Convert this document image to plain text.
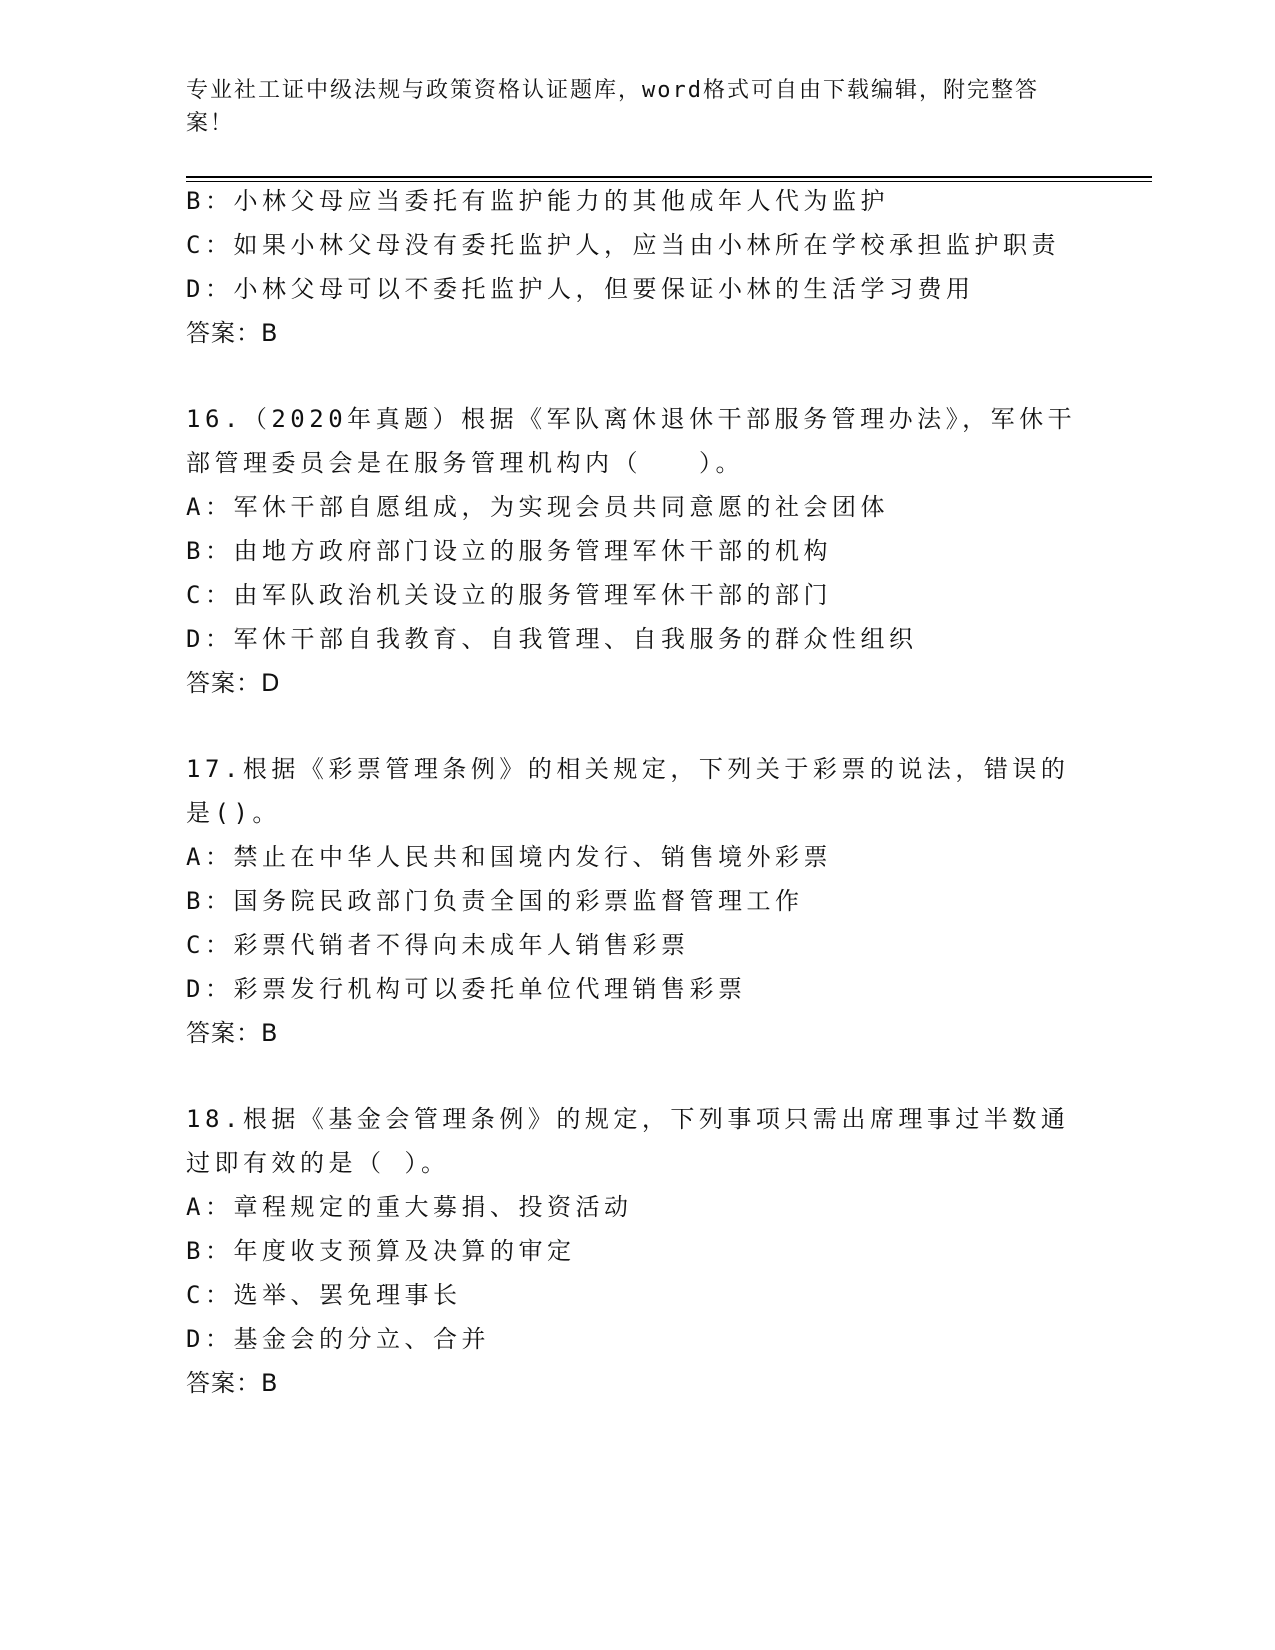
专业社工证中级法规与政策资格认证题库，word格式可自由下载编辑，附完整答案！
B：小林父母应当委托有监护能力的其他成年人代为监护
C：如果小林父母没有委托监护人，应当由小林所在学校承担监护职责
D：小林父母可以不委托监护人，但要保证小林的生活学习费用
答案：B
16.（2020年真题）根据《军队离休退休干部服务管理办法》，军休干
部管理委员会是在服务管理机构内（　　）。
A：军休干部自愿组成，为实现会员共同意愿的社会团体
B：由地方政府部门设立的服务管理军休干部的机构
C：由军队政治机关设立的服务管理军休干部的部门
D：军休干部自我教育、自我管理、自我服务的群众性组织
答案：D
17.根据《彩票管理条例》的相关规定，下列关于彩票的说法，错误的
是()。
A：禁止在中华人民共和国境内发行、销售境外彩票
B：国务院民政部门负责全国的彩票监督管理工作
C：彩票代销者不得向未成年人销售彩票
D：彩票发行机构可以委托单位代理销售彩票
答案：B
18.根据《基金会管理条例》的规定，下列事项只需出席理事过半数通
过即有效的是（ ）。
A：章程规定的重大募捐、投资活动
B：年度收支预算及决算的审定
C：选举、罢免理事长
D：基金会的分立、合并
答案：B
